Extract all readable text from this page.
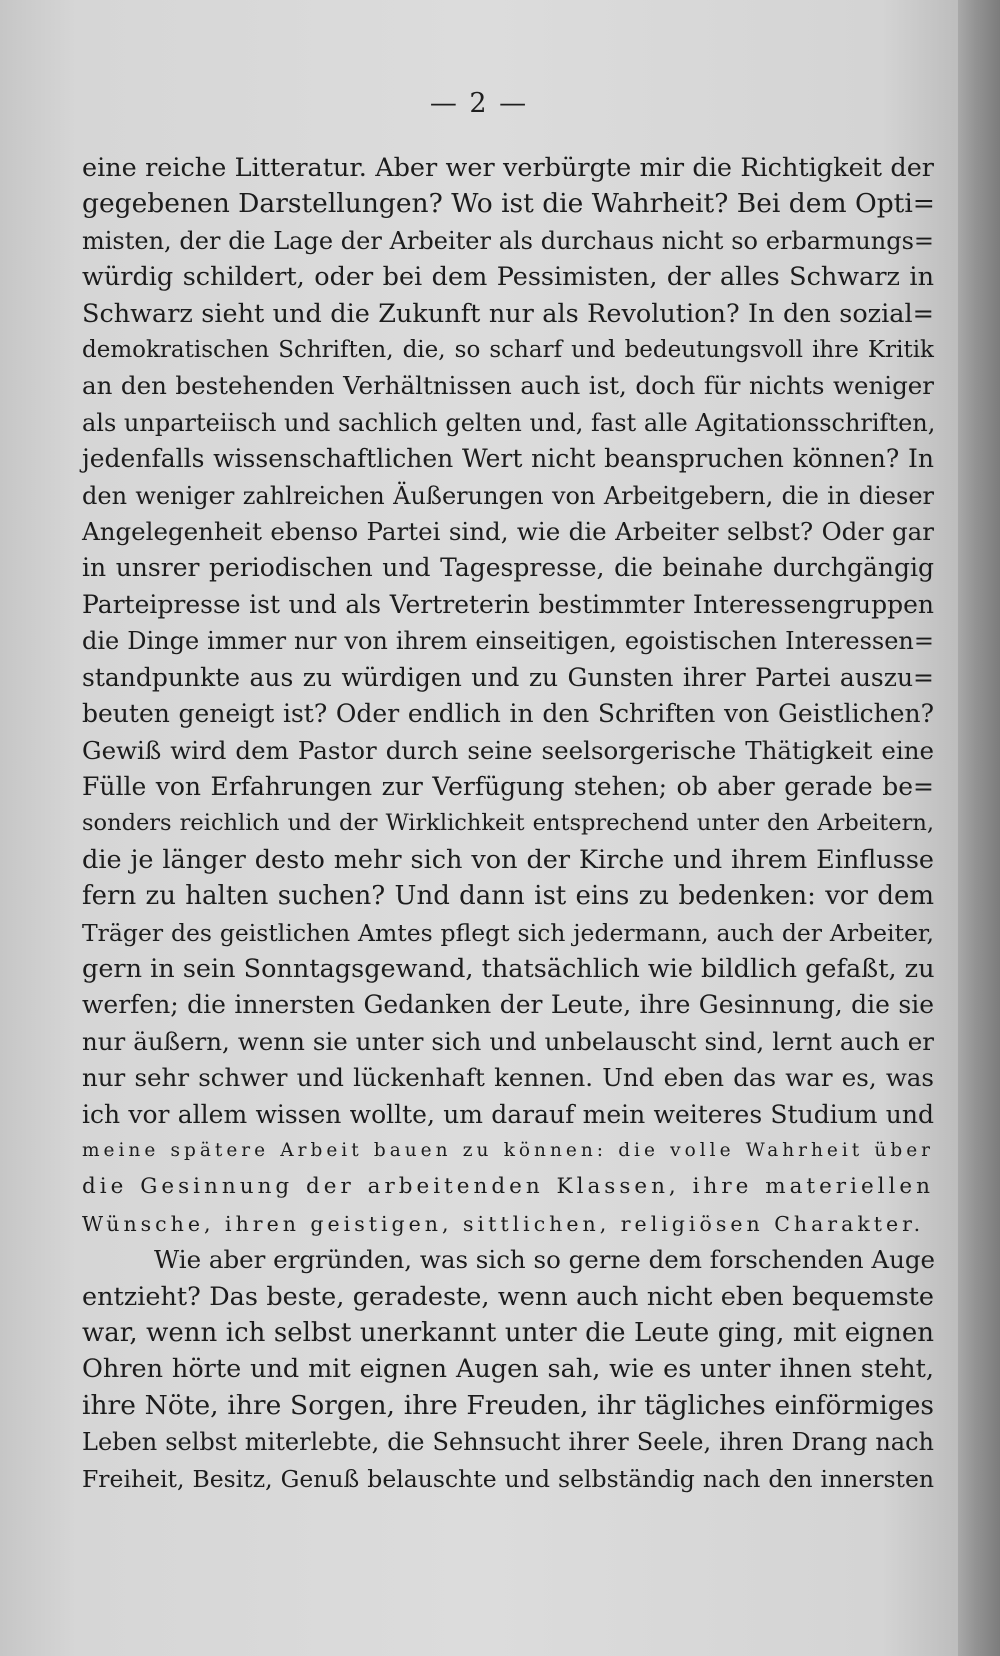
— 2 —
eine reiche Litteratur. Aber wer verbürgte mir die Richtigkeit der
gegebenen Darstellungen? Wo ist die Wahrheit? Bei dem Opti=
misten, der die Lage der Arbeiter als durchaus nicht so erbarmungs=
würdig schildert, oder bei dem Pessimisten, der alles Schwarz in
Schwarz sieht und die Zukunft nur als Revolution? In den sozial=
demokratischen Schriften, die, so scharf und bedeutungsvoll ihre Kritik
an den bestehenden Verhältnissen auch ist, doch für nichts weniger
als unparteiisch und sachlich gelten und, fast alle Agitationsschriften,
jedenfalls wissenschaftlichen Wert nicht beanspruchen können? In
den weniger zahlreichen Äußerungen von Arbeitgebern, die in dieser
Angelegenheit ebenso Partei sind, wie die Arbeiter selbst? Oder gar
in unsrer periodischen und Tagespresse, die beinahe durchgängig
Parteipresse ist und als Vertreterin bestimmter Interessengruppen
die Dinge immer nur von ihrem einseitigen, egoistischen Interessen=
standpunkte aus zu würdigen und zu Gunsten ihrer Partei auszu=
beuten geneigt ist? Oder endlich in den Schriften von Geistlichen?
Gewiß wird dem Pastor durch seine seelsorgerische Thätigkeit eine
Fülle von Erfahrungen zur Verfügung stehen; ob aber gerade be=
sonders reichlich und der Wirklichkeit entsprechend unter den Arbeitern,
die je länger desto mehr sich von der Kirche und ihrem Einflusse
fern zu halten suchen? Und dann ist eins zu bedenken: vor dem
Träger des geistlichen Amtes pflegt sich jedermann, auch der Arbeiter,
gern in sein Sonntagsgewand, thatsächlich wie bildlich gefaßt, zu
werfen; die innersten Gedanken der Leute, ihre Gesinnung, die sie
nur äußern, wenn sie unter sich und unbelauscht sind, lernt auch er
nur sehr schwer und lückenhaft kennen. Und eben das war es, was
ich vor allem wissen wollte, um darauf mein weiteres Studium und
meine spätere Arbeit bauen zu können: die volle Wahrheit über
die Gesinnung der arbeitenden Klassen, ihre materiellen
Wünsche, ihren geistigen, sittlichen, religiösen Charakter.
Wie aber ergründen, was sich so gerne dem forschenden Auge
entzieht? Das beste, geradeste, wenn auch nicht eben bequemste
war, wenn ich selbst unerkannt unter die Leute ging, mit eignen
Ohren hörte und mit eignen Augen sah, wie es unter ihnen steht,
ihre Nöte, ihre Sorgen, ihre Freuden, ihr tägliches einförmiges
Leben selbst miterlebte, die Sehnsucht ihrer Seele, ihren Drang nach
Freiheit, Besitz, Genuß belauschte und selbständig nach den innersten
